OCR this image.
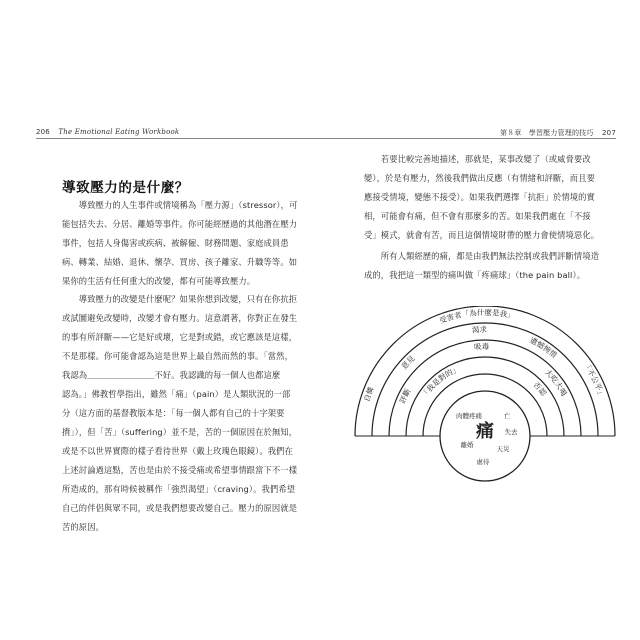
206 The Emotional Eating Workbook
導致壓力的是什麼？
　　導致壓力的人生事件或情境稱為「壓力源」（stressor），可
能包括失去、分居、離婚等事件。你可能經歷過的其他潛在壓力
事件，包括人身傷害或疾病、被解僱、財務問題、家庭成員患
病、轉業、結婚、退休、懷孕、買房、孩子離家、升職等等。如
果你的生活有任何重大的改變，都有可能導致壓力。
　　導致壓力的改變是什麼呢？如果你想到改變，只有在你抗拒
或試圖避免改變時，改變才會有壓力。這意謂著，你對正在發生
的事有所評斷——它是好或壞，它是對或錯，或它應該是這樣，
不是那樣。你可能會認為這是世界上最自然而然的事。「當然，
我認為＿＿＿＿＿＿＿＿不好。我認識的每一個人也都這麼
認為。」佛教哲學指出，雖然「痛」（pain）是人類狀況的一部
分（這方面的基督教版本是：「每一個人都有自己的十字架要
揹」），但「苦」（suffering）並不是，苦的一個原因在於無知，
或是不以世界實際的樣子看待世界（戴上玫瑰色眼鏡）。我們在
上述討論過這點，苦也是由於不接受痛或希望事情跟當下不一樣
所造成的，那有時候被稱作「強烈渴望」（craving）。我們希望
自己的伴侶與眾不同，或是我們想要改變自己。壓力的原因就是
苦的原因。
第８章　學習壓力管理的技巧 207
　　若要比較完善地描述，那就是，某事改變了（或威脅要改
變），於是有壓力，然後我們做出反應（有情緒和評斷，而且要
應接受情境，變態不接受）。如果我們選擇「抗拒」於情境的實
相，可能會有痛，但不會有那麼多的苦。如果我們處在「不接
受」模式，就會有苦，而且這個情境財帶的壓力會使情境惡化。
　　所有人類經歷的痛，都是由我們無法控制或我們評斷情境造
成的，我把這一類型的痛叫做「疼痛球」（the pain ball）。
自憐
受害者「為什麼是我」
「不公平」
意見
渴求
遺憾惋惜
評斷
吸毒
大吃大喝
「我是對的」
否認
痛
肉體疼痛	亡
失去
離婚	天災
虐待
